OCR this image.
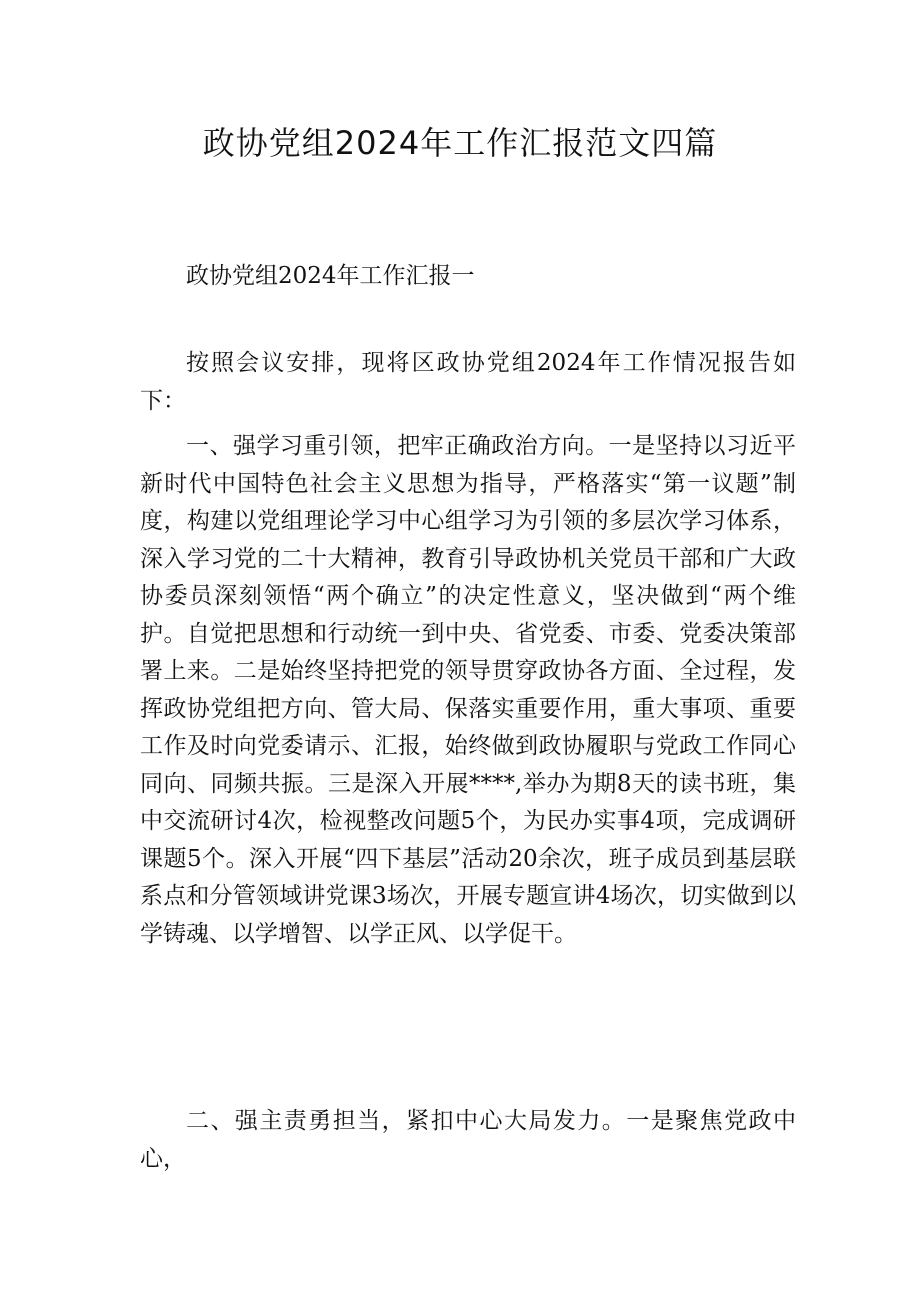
政协党组2024年工作汇报范文四篇

政协党组2024年工作汇报一

按照会议安排，现将区政协党组2024年工作情况报告如下：

一、强学习重引领，把牢正确政治方向。一是坚持以习近平新时代中国特色社会主义思想为指导，严格落实“第一议题”制度，构建以党组理论学习中心组学习为引领的多层次学习体系，深入学习党的二十大精神，教育引导政协机关党员干部和广大政协委员深刻领悟“两个确立”的决定性意义，坚决做到“两个维护。自觉把思想和行动统一到中央、省党委、市委、党委决策部署上来。二是始终坚持把党的领导贯穿政协各方面、全过程，发挥政协党组把方向、管大局、保落实重要作用，重大事项、重要工作及时向党委请示、汇报，始终做到政协履职与党政工作同心同向、同频共振。三是深入开展****,举办为期8天的读书班，集中交流研讨4次，检视整改问题5个，为民办实事4项，完成调研课题5个。深入开展“四下基层”活动20余次，班子成员到基层联系点和分管领域讲党课3场次，开展专题宣讲4场次，切实做到以学铸魂、以学增智、以学正风、以学促干。

二、强主责勇担当，紧扣中心大局发力。一是聚焦党政中心，
